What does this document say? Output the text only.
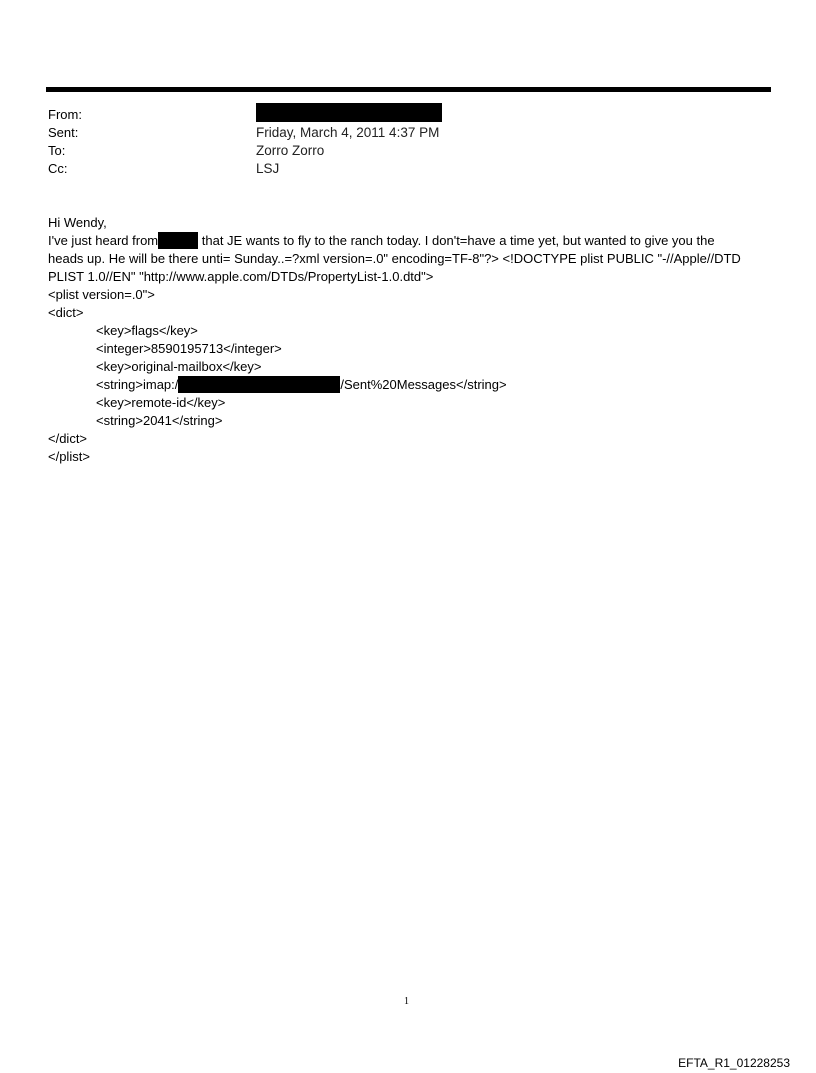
From:
Sent:	Friday, March 4, 2011 4:37 PM
To:	Zorro Zorro
Cc:	LSJ
Hi Wendy,
I've just heard from	that JE wants to fly to the ranch today. I don't=have a time yet, but wanted to give you the
heads up. He will be there unti= Sunday..=?xml version=.0" encoding=TF-8"?> <!DOCTYPE plist PUBLIC "-//Apple//DTD
PLIST 1.0//EN" "http://www.apple.com/DTDs/PropertyList-1.0.dtd">
<plist version=.0">
<dict>
<key>flags</key>
<integer>8590195713</integer>
<key>original-mailbox</key>
<string>imap:/	/Sent%20Messages</string>
<key>remote-id</key>
<string>2041</string>
</dict>
</plist>
1
EFTA_R1_01228253
